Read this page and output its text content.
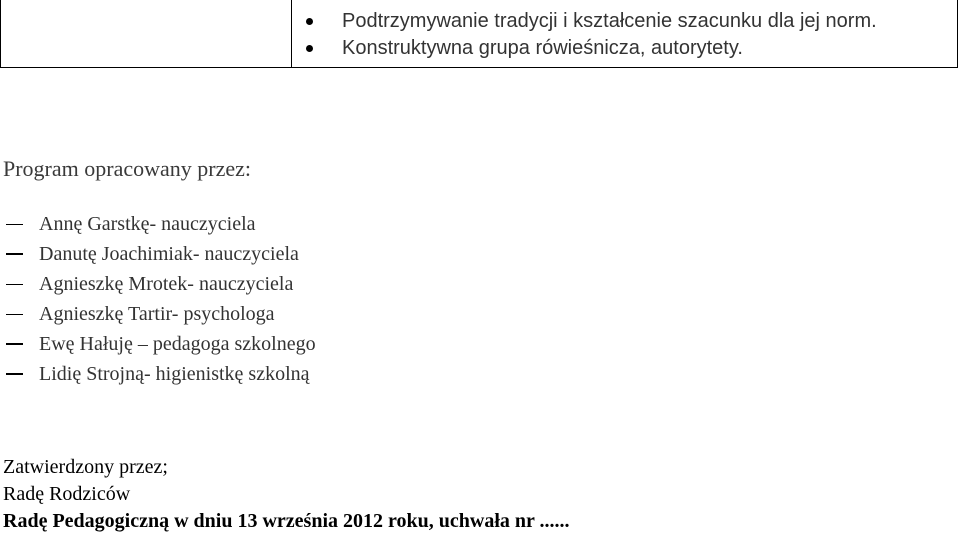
Podtrzymywanie tradycji i kształcenie szacunku dla jej norm.
Konstruktywna grupa rówieśnicza, autorytety.
Program opracowany przez:
Annę Garstkę- nauczyciela
Danutę Joachimiak- nauczyciela
Agnieszkę Mrotek- nauczyciela
Agnieszkę Tartir- psychologa
Ewę Hałuję – pedagoga szkolnego
Lidię Strojną- higienistkę szkolną
Zatwierdzony przez;
Radę Rodziców
Radę Pedagogiczną w dniu 13 września 2012 roku, uchwała nr ......
